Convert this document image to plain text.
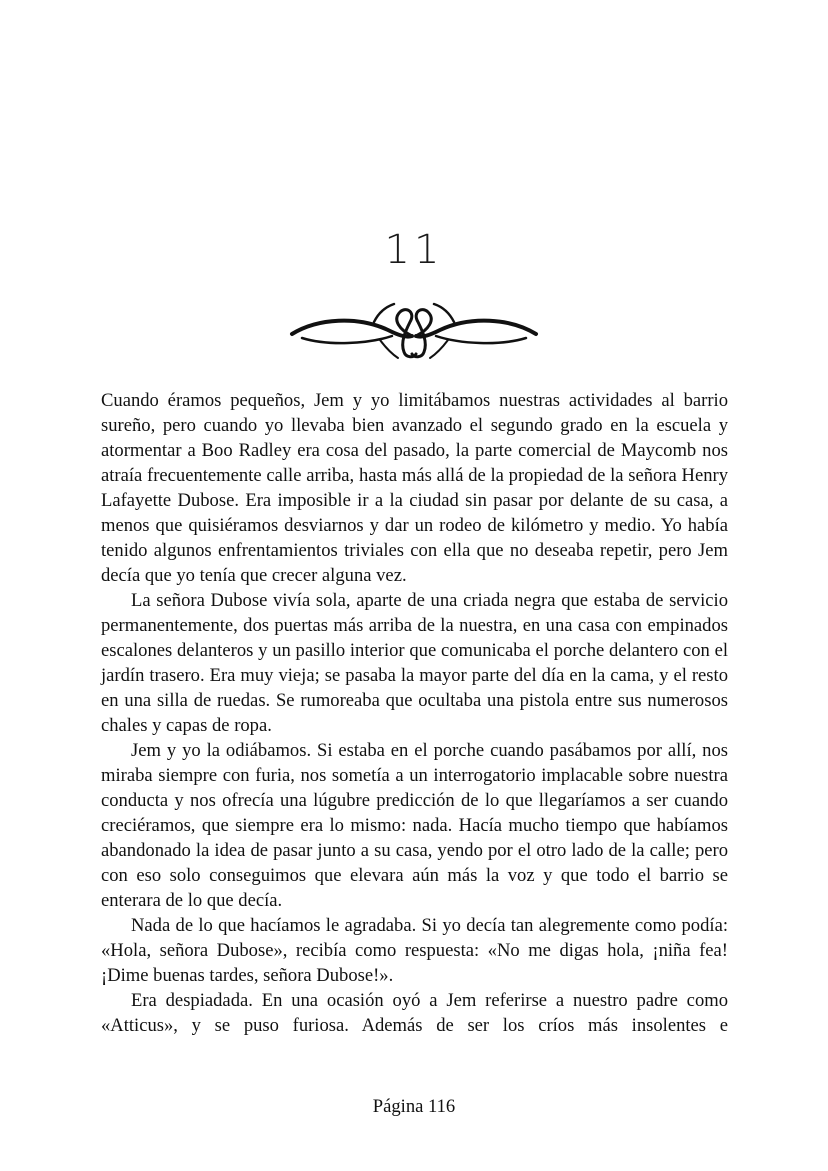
11

Cuando éramos pequeños, Jem y yo limitábamos nuestras actividades al barrio sureño, pero cuando yo llevaba bien avanzado el segundo grado en la escuela y atormentar a Boo Radley era cosa del pasado, la parte comercial de Maycomb nos atraía frecuentemente calle arriba, hasta más allá de la propiedad de la señora Henry Lafayette Dubose. Era imposible ir a la ciudad sin pasar por delante de su casa, a menos que quisiéramos desviarnos y dar un rodeo de kilómetro y medio. Yo había tenido algunos enfrentamientos triviales con ella que no deseaba repetir, pero Jem decía que yo tenía que crecer alguna vez.

La señora Dubose vivía sola, aparte de una criada negra que estaba de servicio permanentemente, dos puertas más arriba de la nuestra, en una casa con empinados escalones delanteros y un pasillo interior que comunicaba el porche delantero con el jardín trasero. Era muy vieja; se pasaba la mayor parte del día en la cama, y el resto en una silla de ruedas. Se rumoreaba que ocultaba una pistola entre sus numerosos chales y capas de ropa.

Jem y yo la odiábamos. Si estaba en el porche cuando pasábamos por allí, nos miraba siempre con furia, nos sometía a un interrogatorio implacable sobre nuestra conducta y nos ofrecía una lúgubre predicción de lo que llegaríamos a ser cuando creciéramos, que siempre era lo mismo: nada. Hacía mucho tiempo que habíamos abandonado la idea de pasar junto a su casa, yendo por el otro lado de la calle; pero con eso solo conseguimos que elevara aún más la voz y que todo el barrio se enterara de lo que decía.

Nada de lo que hacíamos le agradaba. Si yo decía tan alegremente como podía: «Hola, señora Dubose», recibía como respuesta: «No me digas hola, ¡niña fea! ¡Dime buenas tardes, señora Dubose!».

Era despiadada. En una ocasión oyó a Jem referirse a nuestro padre como «Atticus», y se puso furiosa. Además de ser los críos más insolentes e

Página 116
